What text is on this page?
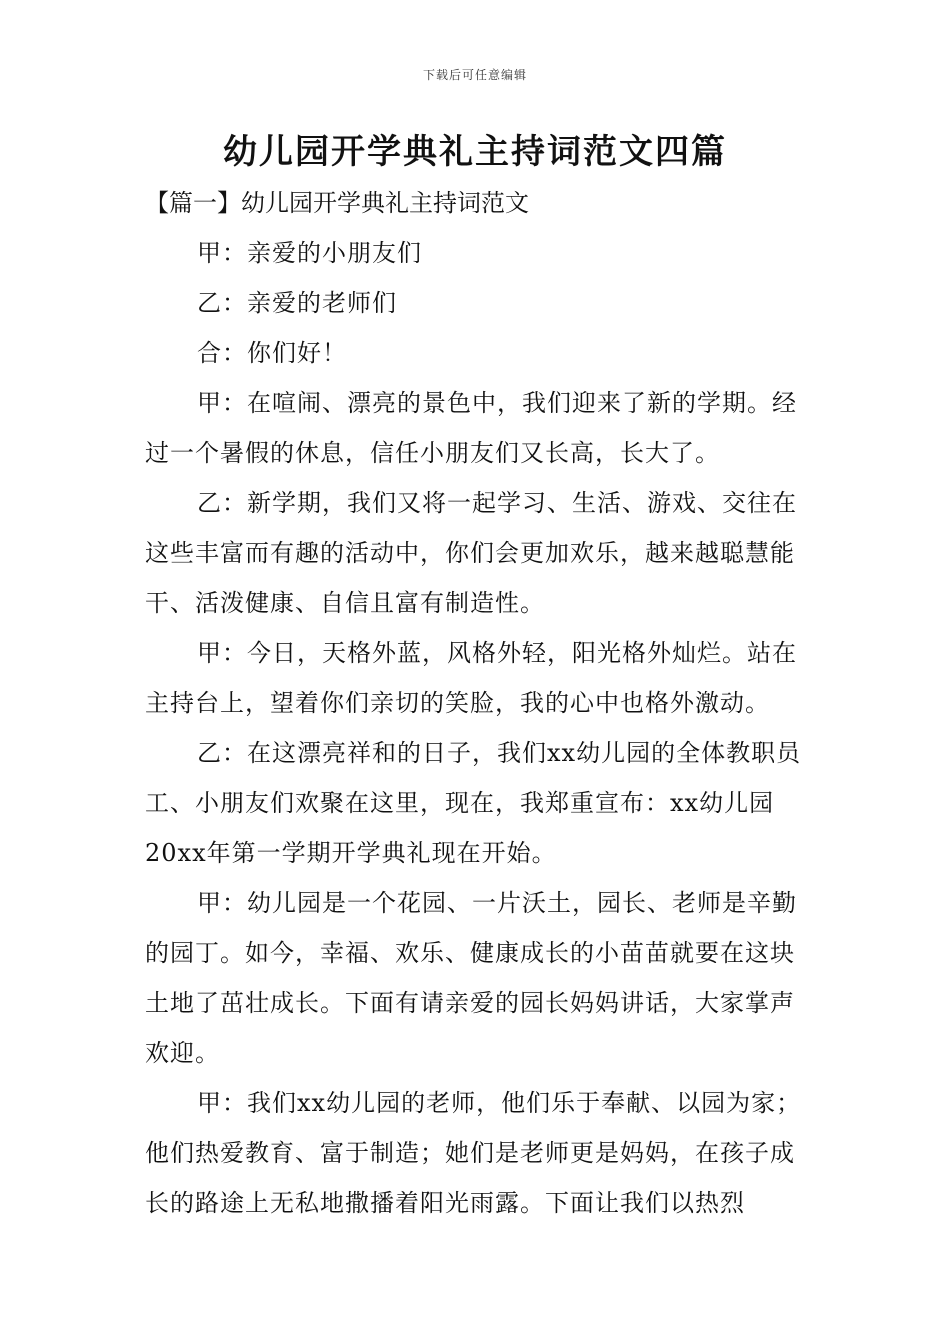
下载后可任意编辑
幼儿园开学典礼主持词范文四篇

【篇一】幼儿园开学典礼主持词范文

甲：亲爱的小朋友们

乙：亲爱的老师们

合：你们好！

甲：在喧闹、漂亮的景色中，我们迎来了新的学期。经过一个暑假的休息，信任小朋友们又长高，长大了。

乙：新学期，我们又将一起学习、生活、游戏、交往在这些丰富而有趣的活动中，你们会更加欢乐，越来越聪慧能干、活泼健康、自信且富有制造性。

甲：今日，天格外蓝，风格外轻，阳光格外灿烂。站在主持台上，望着你们亲切的笑脸，我的心中也格外激动。

乙：在这漂亮祥和的日子，我们xx幼儿园的全体教职员工、小朋友们欢聚在这里，现在，我郑重宣布：xx幼儿园20xx年第一学期开学典礼现在开始。

甲：幼儿园是一个花园、一片沃土，园长、老师是辛勤的园丁。如今，幸福、欢乐、健康成长的小苗苗就要在这块土地了茁壮成长。下面有请亲爱的园长妈妈讲话，大家掌声欢迎。

甲：我们xx幼儿园的老师，他们乐于奉献、以园为家；他们热爱教育、富于制造；她们是老师更是妈妈，在孩子成长的路途上无私地撒播着阳光雨露。下面让我们以热烈
